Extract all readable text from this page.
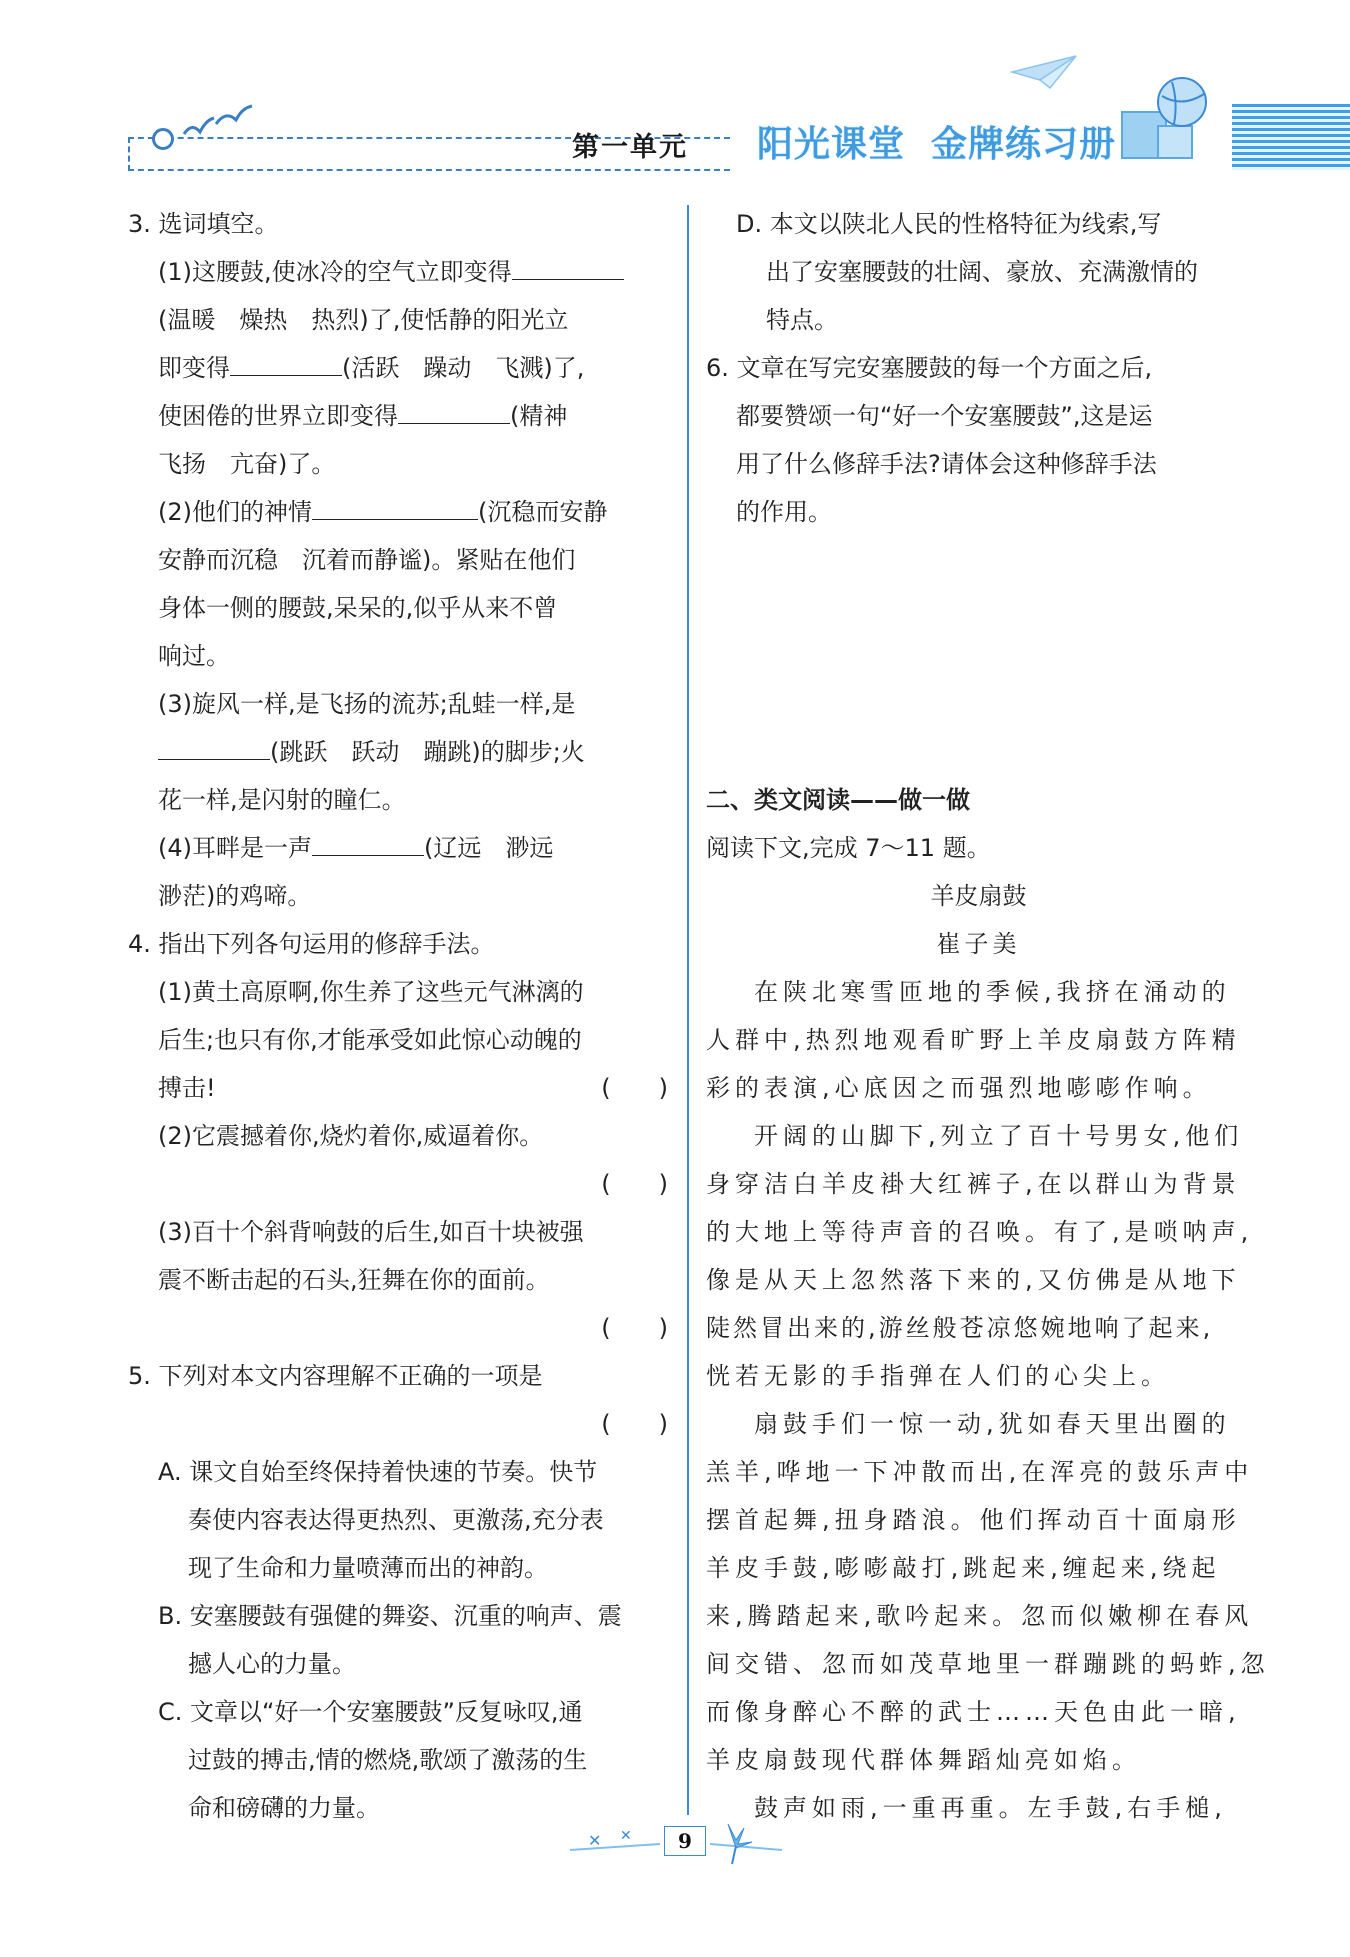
第一单元 阳光课堂 金牌练习册
3. 选词填空。
(1)这腰鼓,使冰冷的空气立即变得
(温暖　燥热　热烈)了,使恬静的阳光立
即变得	(活跃　躁动　飞溅)了,
使困倦的世界立即变得	(精神
飞扬　亢奋)了。
(2)他们的神情	(沉稳而安静
安静而沉稳　沉着而静谧)。紧贴在他们
身体一侧的腰鼓,呆呆的,似乎从来不曾
响过。
(3)旋风一样,是飞扬的流苏;乱蛙一样,是
(跳跃　跃动　蹦跳)的脚步;火
花一样,是闪射的瞳仁。
(4)耳畔是一声	(辽远　渺远
渺茫)的鸡啼。
4. 指出下列各句运用的修辞手法。
(1)黄土高原啊,你生养了这些元气淋漓的
后生;也只有你,才能承受如此惊心动魄的
搏击!	(　　)
(2)它震撼着你,烧灼着你,威逼着你。
(　　)

(3)百十个斜背响鼓的后生,如百十块被强
震不断击起的石头,狂舞在你的面前。
(　　)

5. 下列对本文内容理解不正确的一项是
(　　)

A. 课文自始至终保持着快速的节奏。快节
奏使内容表达得更热烈、更激荡,充分表
现了生命和力量喷薄而出的神韵。
B. 安塞腰鼓有强健的舞姿、沉重的响声、震
撼人心的力量。
C. 文章以“好一个安塞腰鼓”反复咏叹,通
过鼓的搏击,情的燃烧,歌颂了激荡的生
命和磅礴的力量。
D. 本文以陕北人民的性格特征为线索,写
出了安塞腰鼓的壮阔、豪放、充满激情的
特点。
6. 文章在写完安塞腰鼓的每一个方面之后,
都要赞颂一句“好一个安塞腰鼓”,这是运
用了什么修辞手法?请体会这种修辞手法
的作用。
二、类文阅读——做一做
阅读下文,完成 7～11 题。
羊皮扇鼓
崔子美
在陕北寒雪匝地的季候,我挤在涌动的
人群中,热烈地观看旷野上羊皮扇鼓方阵精
彩的表演,心底因之而强烈地嘭嘭作响。
开阔的山脚下,列立了百十号男女,他们
身穿洁白羊皮褂大红裤子,在以群山为背景
的大地上等待声音的召唤。有了,是唢呐声,
像是从天上忽然落下来的,又仿佛是从地下
陡然冒出来的,游丝般苍凉悠婉地响了起来,
恍若无影的手指弹在人们的心尖上。
扇鼓手们一惊一动,犹如春天里出圈的
羔羊,哗地一下冲散而出,在浑亮的鼓乐声中
摆首起舞,扭身踏浪。他们挥动百十面扇形
羊皮手鼓,嘭嘭敲打,跳起来,缠起来,绕起
来,腾踏起来,歌吟起来。忽而似嫩柳在春风
间交错、忽而如茂草地里一群蹦跳的蚂蚱,忽
而像身醉心不醉的武士……天色由此一暗,
羊皮扇鼓现代群体舞蹈灿亮如焰。
鼓声如雨,一重再重。左手鼓,右手槌,
✕ ✕	9
